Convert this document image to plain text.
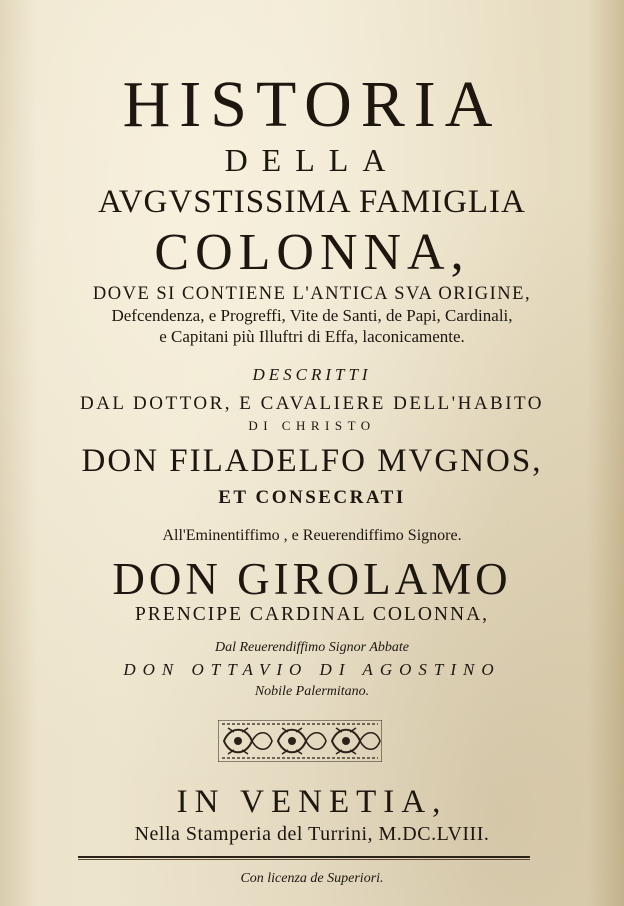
HISTORIA
DELLA
AVGVSTISSIMA FAMIGLIA
COLONNA,
DOVE SI CONTIENE L'ANTICA SVA ORIGINE,
Defcendenza, e Progreffi, Vite de Santi, de Papi, Cardinali,
e Capitani più Illuftri di Effa, laconicamente.
DESCRITTI
DAL DOTTOR, E CAVALIERE DELL'HABITO
DI CHRISTO
DON FILADELFO MVGNOS,
ET CONSECRATI
All'Eminentiffimo , e Reuerendiffimo Signore.
DON GIROLAMO
PRENCIPE CARDINAL COLONNA,
Dal Reuerendiffimo Signor Abbate
DON OTTAVIO DI AGOSTINO
Nobile Palermitano.
IN VENETIA,
Nella Stamperia del Turrini, M.DC.LVIII.
Con licenza de Superiori.
